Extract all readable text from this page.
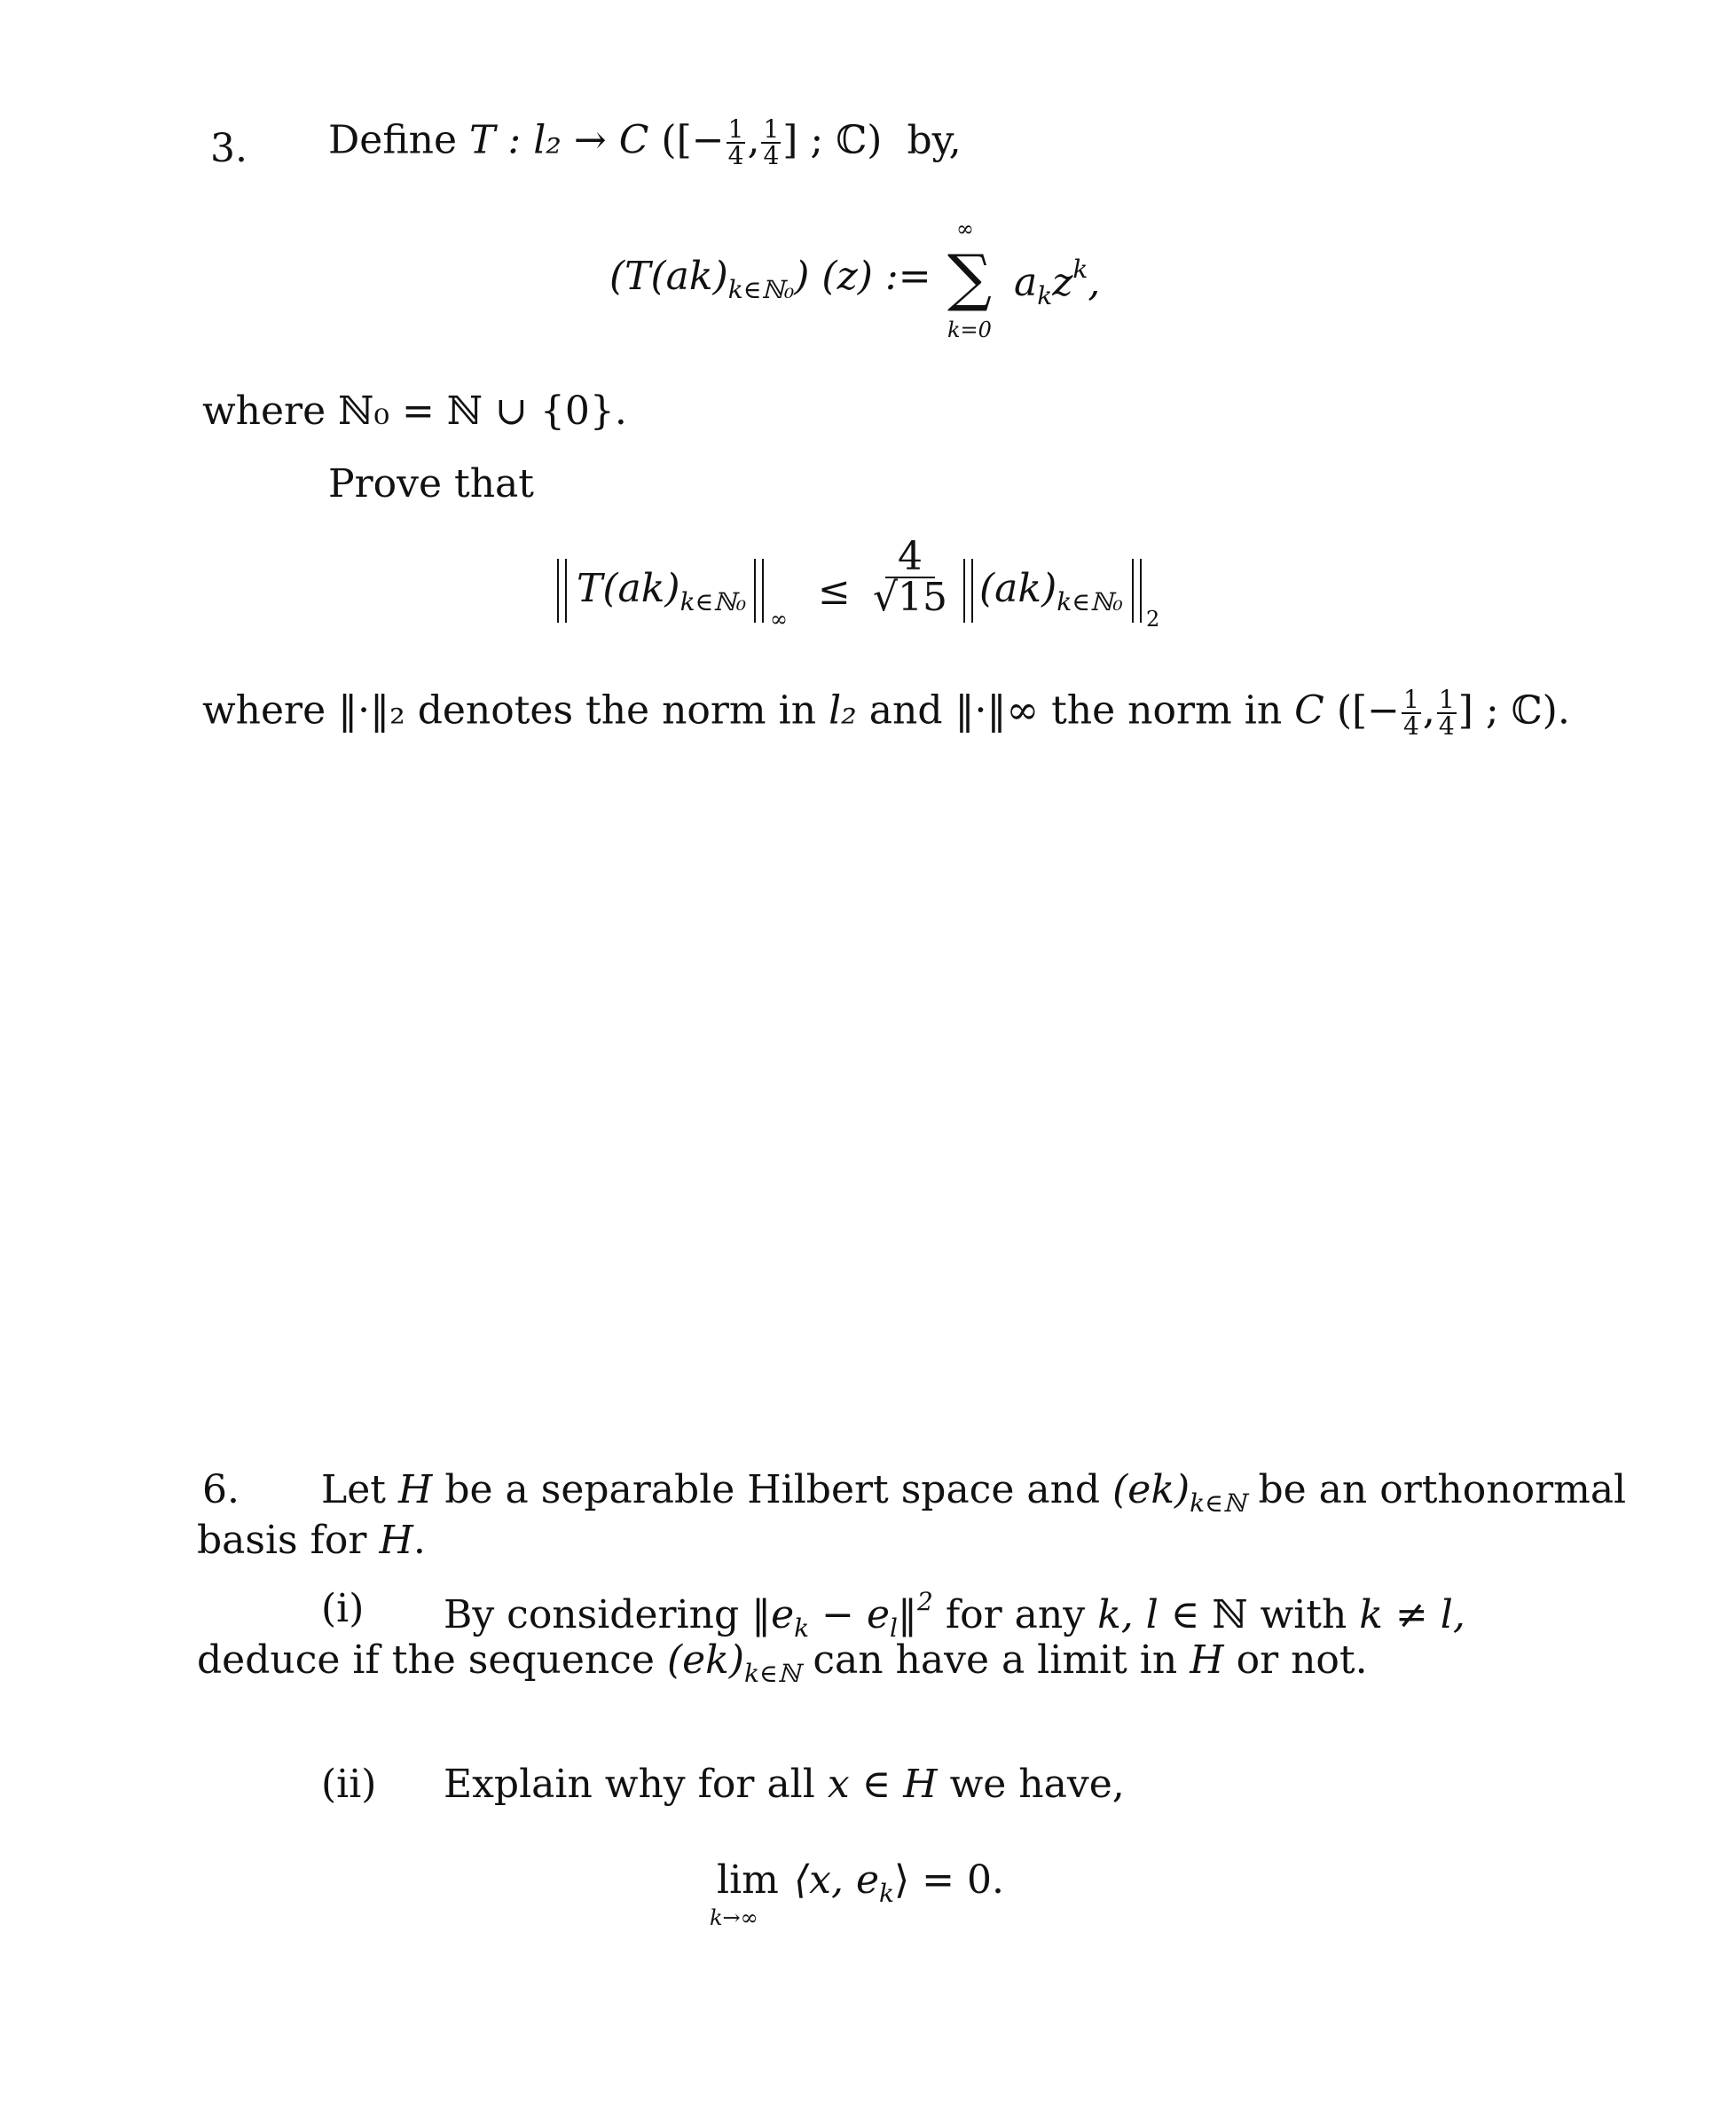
3. Define T : l₂ → C ([− $\frac{1}{4}$ , $\frac{1}{4}$ ] ; ℂ) by,
$(T(ak)_{k\in ℕ_0})$ (z) :=
∞
∑
k=0
$a_kz^k$,
where ℕ₀ = ℕ ∪ {0}.
Prove that
$T(ak)_{k\in ℕ_0}$
∞
≤ $\frac{4}{√15} (ak)_{k\in ℕ_0}$
2
where ‖·‖₂ denotes the norm in l₂ and ‖·‖∞ the norm in C ([− $\frac{1}{4}$ , $\frac{1}{4}$ ] ; ℂ).
6. Let H be a separable Hilbert space and $(ek)_{k\in ℕ}$ be an orthonormal
basis for H.
(i) By considering $‖e_k$ − $e_l‖^2$ for any k, l ∈ ℕ with k ≠ l,
deduce if the sequence $(ek)_{k\in ℕ}$ can have a limit in H or not.
(ii) Explain why for all x ∈ H we have,
lim
k→∞
⟨x, $e_k⟩ = 0$.
